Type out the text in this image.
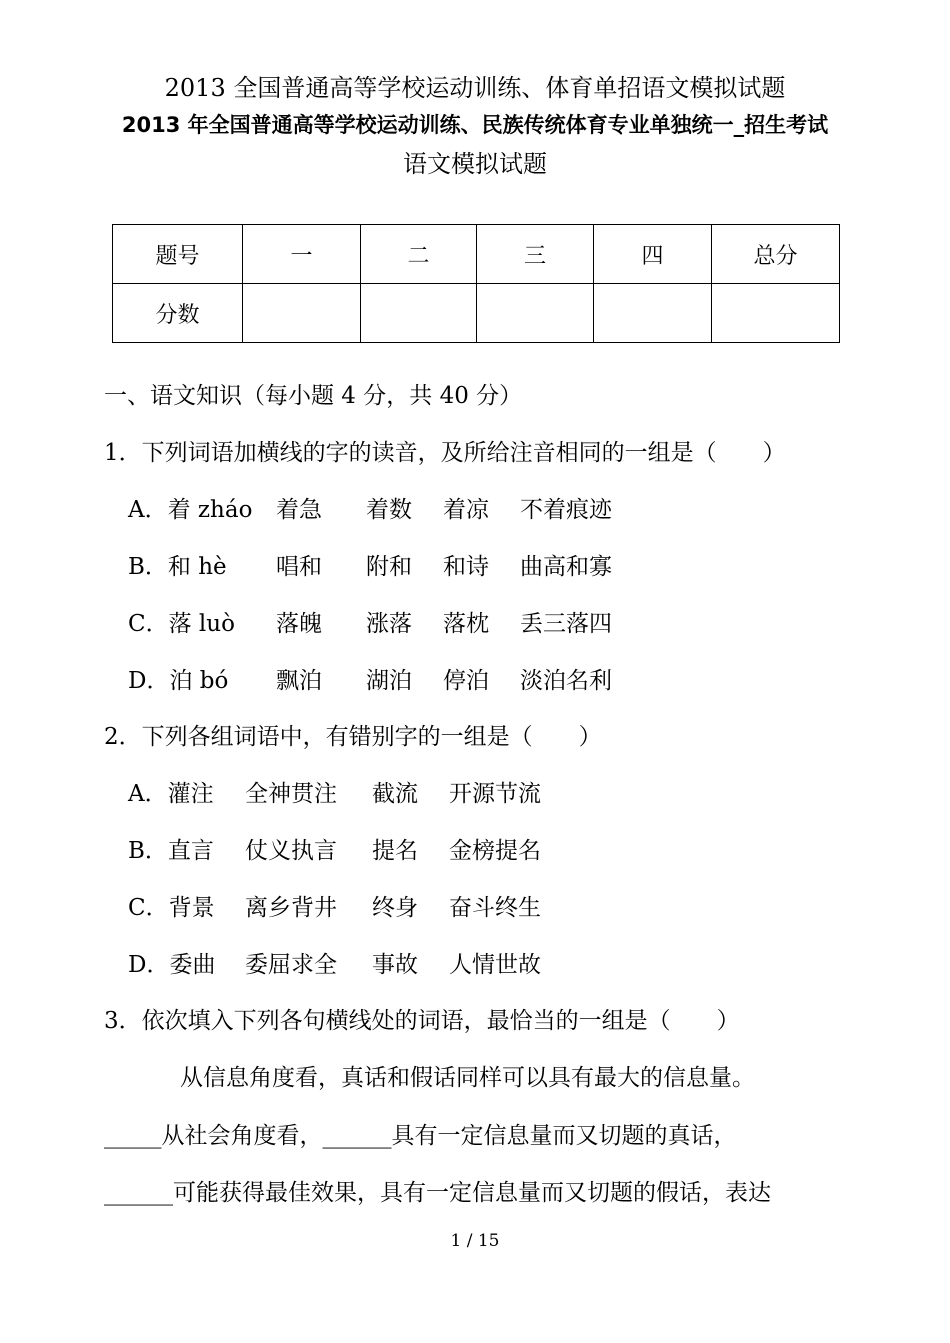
2013 全国普通高等学校运动训练、体育单招语文模拟试题
2013 年全国普通高等学校运动训练、民族传统体育专业单独统一_招生考试
语文模拟试题
题号	一	二	三	四	总分
分数					
一、语文知识（每小题 4 分，共 40 分）
1．下列词语加横线的字的读音，及所给注音相同的一组是（　　）
A．着 zháo 着急 着数 着凉 不着痕迹
B．和 hè 唱和 附和 和诗 曲高和寡
C．落 luò 落魄 涨落 落枕 丢三落四
D．泊 bó 飘泊 湖泊 停泊 淡泊名利
2．下列各组词语中，有错别字的一组是（　　）
A．灌注 全神贯注 截流 开源节流
B．直言 仗义执言 提名 金榜提名
C．背景 离乡背井 终身 奋斗终生
D．委曲 委屈求全 事故 人情世故
3．依次填入下列各句横线处的词语，最恰当的一组是（　　）
从信息角度看，真话和假话同样可以具有最大的信息量。
_____从社会角度看，______具有一定信息量而又切题的真话，
______可能获得最佳效果，具有一定信息量而又切题的假话，表达
1 / 15
